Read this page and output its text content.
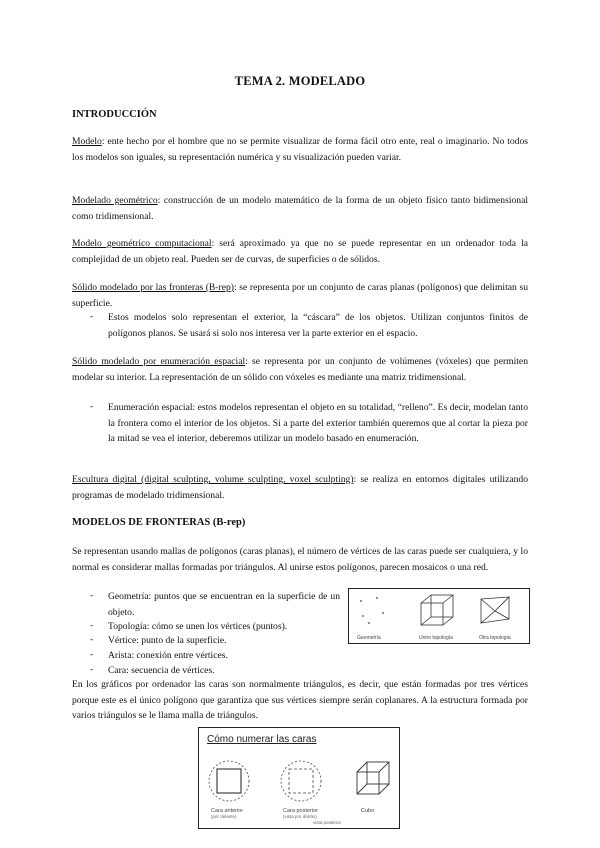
TEMA 2. MODELADO
INTRODUCCIÓN
Modelo: ente hecho por el hombre que no se permite visualizar de forma fácil otro ente, real o imaginario. No todos los modelos son iguales, su representación numérica y su visualización pueden variar.
Modelado geométrico: construcción de un modelo matemático de la forma de un objeto físico tanto bidimensional como tridimensional.
Modelo geométrico computacional: será aproximado ya que no se puede representar en un ordenador toda la complejidad de un objeto real. Pueden ser de curvas, de superficies o de sólidos.
Sólido modelado por las fronteras (B-rep): se representa por un conjunto de caras planas (polígonos) que delimitan su superficie.
- Estos modelos solo representan el exterior, la “cáscara” de los objetos. Utilizan conjuntos finitos de polígonos planos. Se usará si solo nos interesa ver la parte exterior en el espacio.
Sólido modelado por enumeración espacial: se representa por un conjunto de volúmenes (vóxeles) que permiten modelar su interior. La representación de un sólido con vóxeles es mediante una matriz tridimensional.
- Enumeración espacial: estos modelos representan el objeto en su totalidad, “relleno”. Es decir, modelan tanto la frontera como el interior de los objetos. Si a parte del exterior también queremos que al cortar la pieza por la mitad se vea el interior, deberemos utilizar un modelo basado en enumeración.
Escultura digital (digital sculpting, volume sculpting, voxel sculpting): se realiza en entornos digitales utilizando programas de modelado tridimensional.
MODELOS DE FRONTERAS (B-rep)
Se representan usando mallas de polígonos (caras planas), el número de vértices de las caras puede ser cualquiera, y lo normal es considerar mallas formadas por triángulos. Al unirse estos polígonos, parecen mosaicos o una red.
- Geometría: puntos que se encuentran en la superficie de un objeto.
- Topología: cómo se unen los vértices (puntos).
- Vértice: punto de la superficie.
- Arista: conexión entre vértices.
- Cara: secuencia de vértices.
Geometría	Uniro topología	Otra topología
En los gráficos por ordenador las caras son normalmente triángulos, es decir, que están formadas por tres vértices porque este es el único polígono que garantiza que sus vértices siempre serán coplanares. A la estructura formada por varios triángulos se le llama malla de triángulos.
Cómo numerar las caras
Cara anterior
(por delante)
Cara posterior
(vista por detrás)
vista posterior
Cubo
